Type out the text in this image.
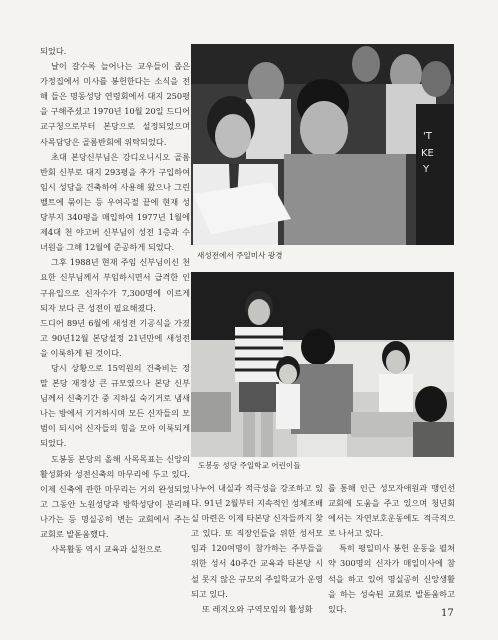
되었다.

날이 갈수록 늘어나는 교우들이 좁은 가정집에서 미사를 봉헌한다는 소식을 전해 들은 명동성당 연령회에서 대지 250평을 구해주셨고 1970년 10월 20일 드디어 교구청으로부터 본당으로 설정되었으며 사목담당은 골롬반회에 위탁되었다.

초대 본당신부님은 강디오니시오 골롬반회 신부로 대지 293평을 추가 구입하여 임시 성당을 건축하여 사용해 왔으나 그린벨트에 묶이는 등 우여곡절 끝에 현재 성당부지 340평을 매입하여 1977년 1월에 제4대 천 야고버 신부님이 성전 1층과 수녀원을 그해 12월에 준공하게 되었다.

그후 1988년 현재 주임 신부님이신 천요한 신부님께서 부임하시면서 급격한 인구유입으로 신자수가 7,300명에 이르게 되자 보다 큰 성전이 필요해졌다.

드디어 89년 6월에 새성전 기공식을 가졌고 90년12월 본당설정 21년만에 새성전을 이룩하게 된 것이다.

당시 상황으로 15억원의 건축비는 정말 본당 재정상 큰 규모였으나 본당 신부님께서 신축기간 중 지하실 숙기거로 냄새나는 방에서 기거하시며 모든 신자들의 모범이 되시어 신자들의 힘을 모아 이룩되게 되었다.

도봉동 본당의 올해 사목목표는 신앙의 활성화와 성전신축의 마무리에 두고 있다. 이제 신축에 관한 마무리는 거의 완성되었고 그동안 노원성당과 방학성당이 분리해 나가는 등 명실공히 변는 교회에서 주는 교회로 발돋움했다.

사목활동 역시 교육과 실천으로

'T
KE
Y
새성전에서 주일미사 광경
도봉동 성당 주일학교 어린이들

나누어 내실과 적극성을 강조하고 있다. 91년 2월부터 지속적인 성체조배실 마련은 이제 타본당 신자들까지 찾고 있다. 또 직장인들을 위한 성서모임과 120여명이 참가하는 주부들을 위한 성서 40주간 교육과 타본당 시설 못지 않은 규모의 주일학교가 운영되고 있다.

또 레지오와 구역모임의 활성화

를 통해 인근 성모자애원과 맹인선교회에 도움을 주고 있으며 청년회에서는 자연보호운동에도 적극적으로 나서고 있다.

특히 평일미사 봉헌 운동을 펼쳐 약 300명의 신자가 매일미사에 참석을 하고 있어 명실공히 신앙생활을 하는 성숙된 교회로 발돋움하고 있다.	17
